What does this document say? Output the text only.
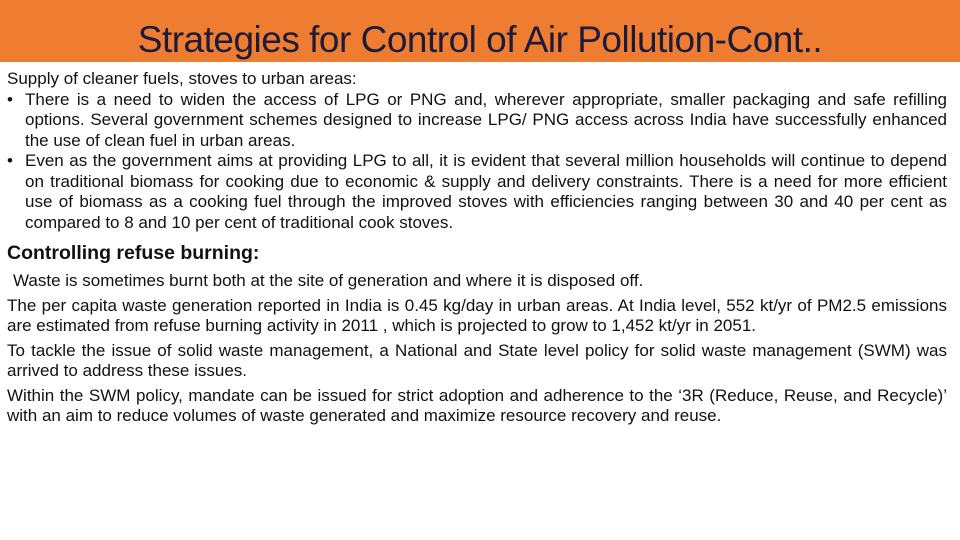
Strategies for Control of Air Pollution-Cont..

Supply of cleaner fuels, stoves to urban areas:

• There is a need to widen the access of LPG or PNG and, wherever appropriate, smaller packaging and safe refilling options. Several government schemes designed to increase LPG/ PNG access across India have successfully enhanced the use of clean fuel in urban areas.
• Even as the government aims at providing LPG to all, it is evident that several million households will continue to depend on traditional biomass for cooking due to economic & supply and delivery constraints. There is a need for more efficient use of biomass as a cooking fuel through the improved stoves with efficiencies ranging between 30 and 40 per cent as compared to 8 and 10 per cent of traditional cook stoves.
Controlling refuse burning:

Waste is sometimes burnt both at the site of generation and where it is disposed off.

The per capita waste generation reported in India is 0.45 kg/day in urban areas. At India level, 552 kt/yr of PM2.5 emissions are estimated from refuse burning activity in 2011 , which is projected to grow to 1,452 kt/yr in 2051.

To tackle the issue of solid waste management, a National and State level policy for solid waste management (SWM) was arrived to address these issues.

Within the SWM policy, mandate can be issued for strict adoption and adherence to the ‘3R (Reduce, Reuse, and Recycle)’ with an aim to reduce volumes of waste generated and maximize resource recovery and reuse.
